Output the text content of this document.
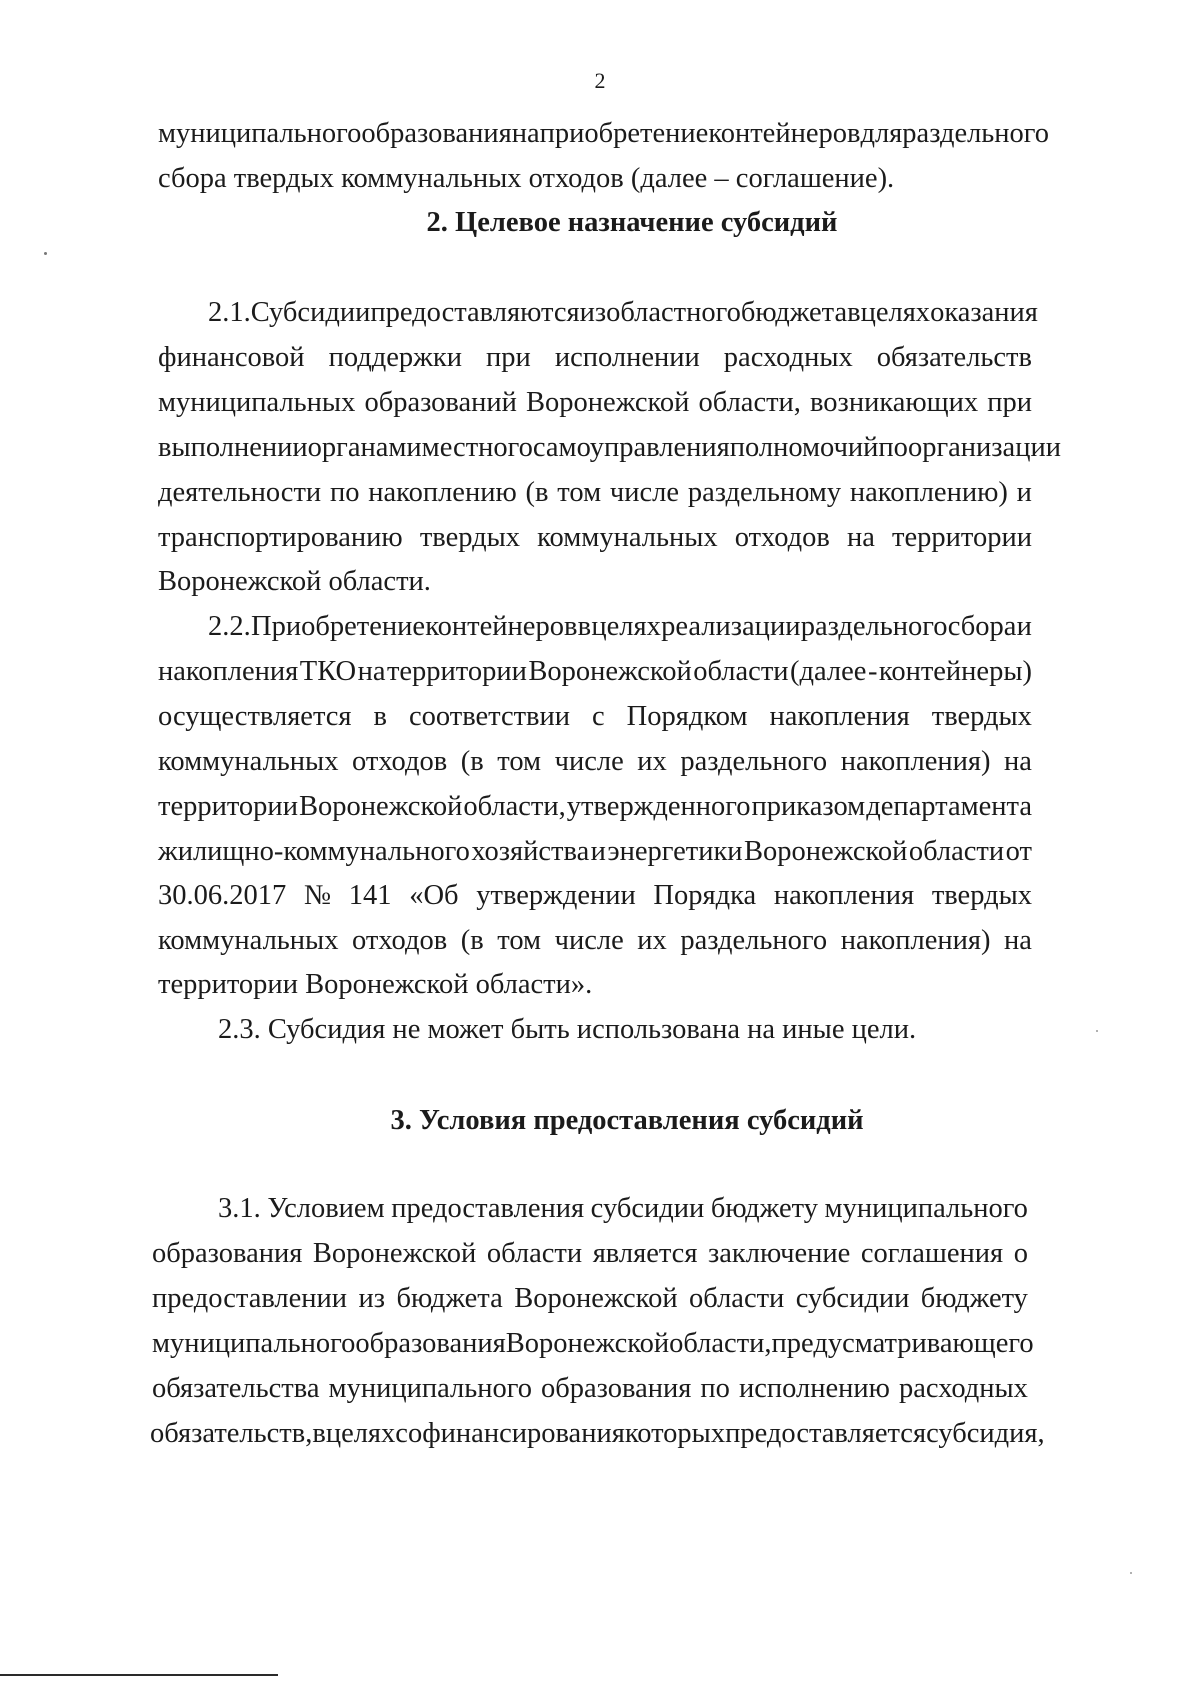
2
муниципального образования на приобретение контейнеров для раздельного
сбора твердых коммунальных отходов (далее – соглашение).
2. Целевое назначение субсидий
2.1. Субсидии предоставляются из областного бюджета в целях оказания
финансовой поддержки при исполнении расходных обязательств
муниципальных образований Воронежской области, возникающих при
выполнении органами местного самоуправления полномочий по организации
деятельности по накоплению (в том числе раздельному накоплению) и
транспортированию твердых коммунальных отходов на территории
Воронежской области.
2.2. Приобретение контейнеров в целях реализации раздельного сбора и
накопления ТКО на территории Воронежской области (далее - контейнеры)
осуществляется в соответствии с Порядком накопления твердых
коммунальных отходов (в том числе их раздельного накопления) на
территории Воронежской области, утвержденного приказом департамента
жилищно-коммунального хозяйства и энергетики Воронежской области от
30.06.2017 № 141 «Об утверждении Порядка накопления твердых
коммунальных отходов (в том числе их раздельного накопления) на
территории Воронежской области».
2.3. Субсидия не может быть использована на иные цели.
3. Условия предоставления субсидий
3.1. Условием предоставления субсидии бюджету муниципального
образования Воронежской области является заключение соглашения о
предоставлении из бюджета Воронежской области субсидии бюджету
муниципального образования Воронежской области, предусматривающего
обязательства муниципального образования по исполнению расходных
обязательств, в целях софинансирования которых предоставляется субсидия,
